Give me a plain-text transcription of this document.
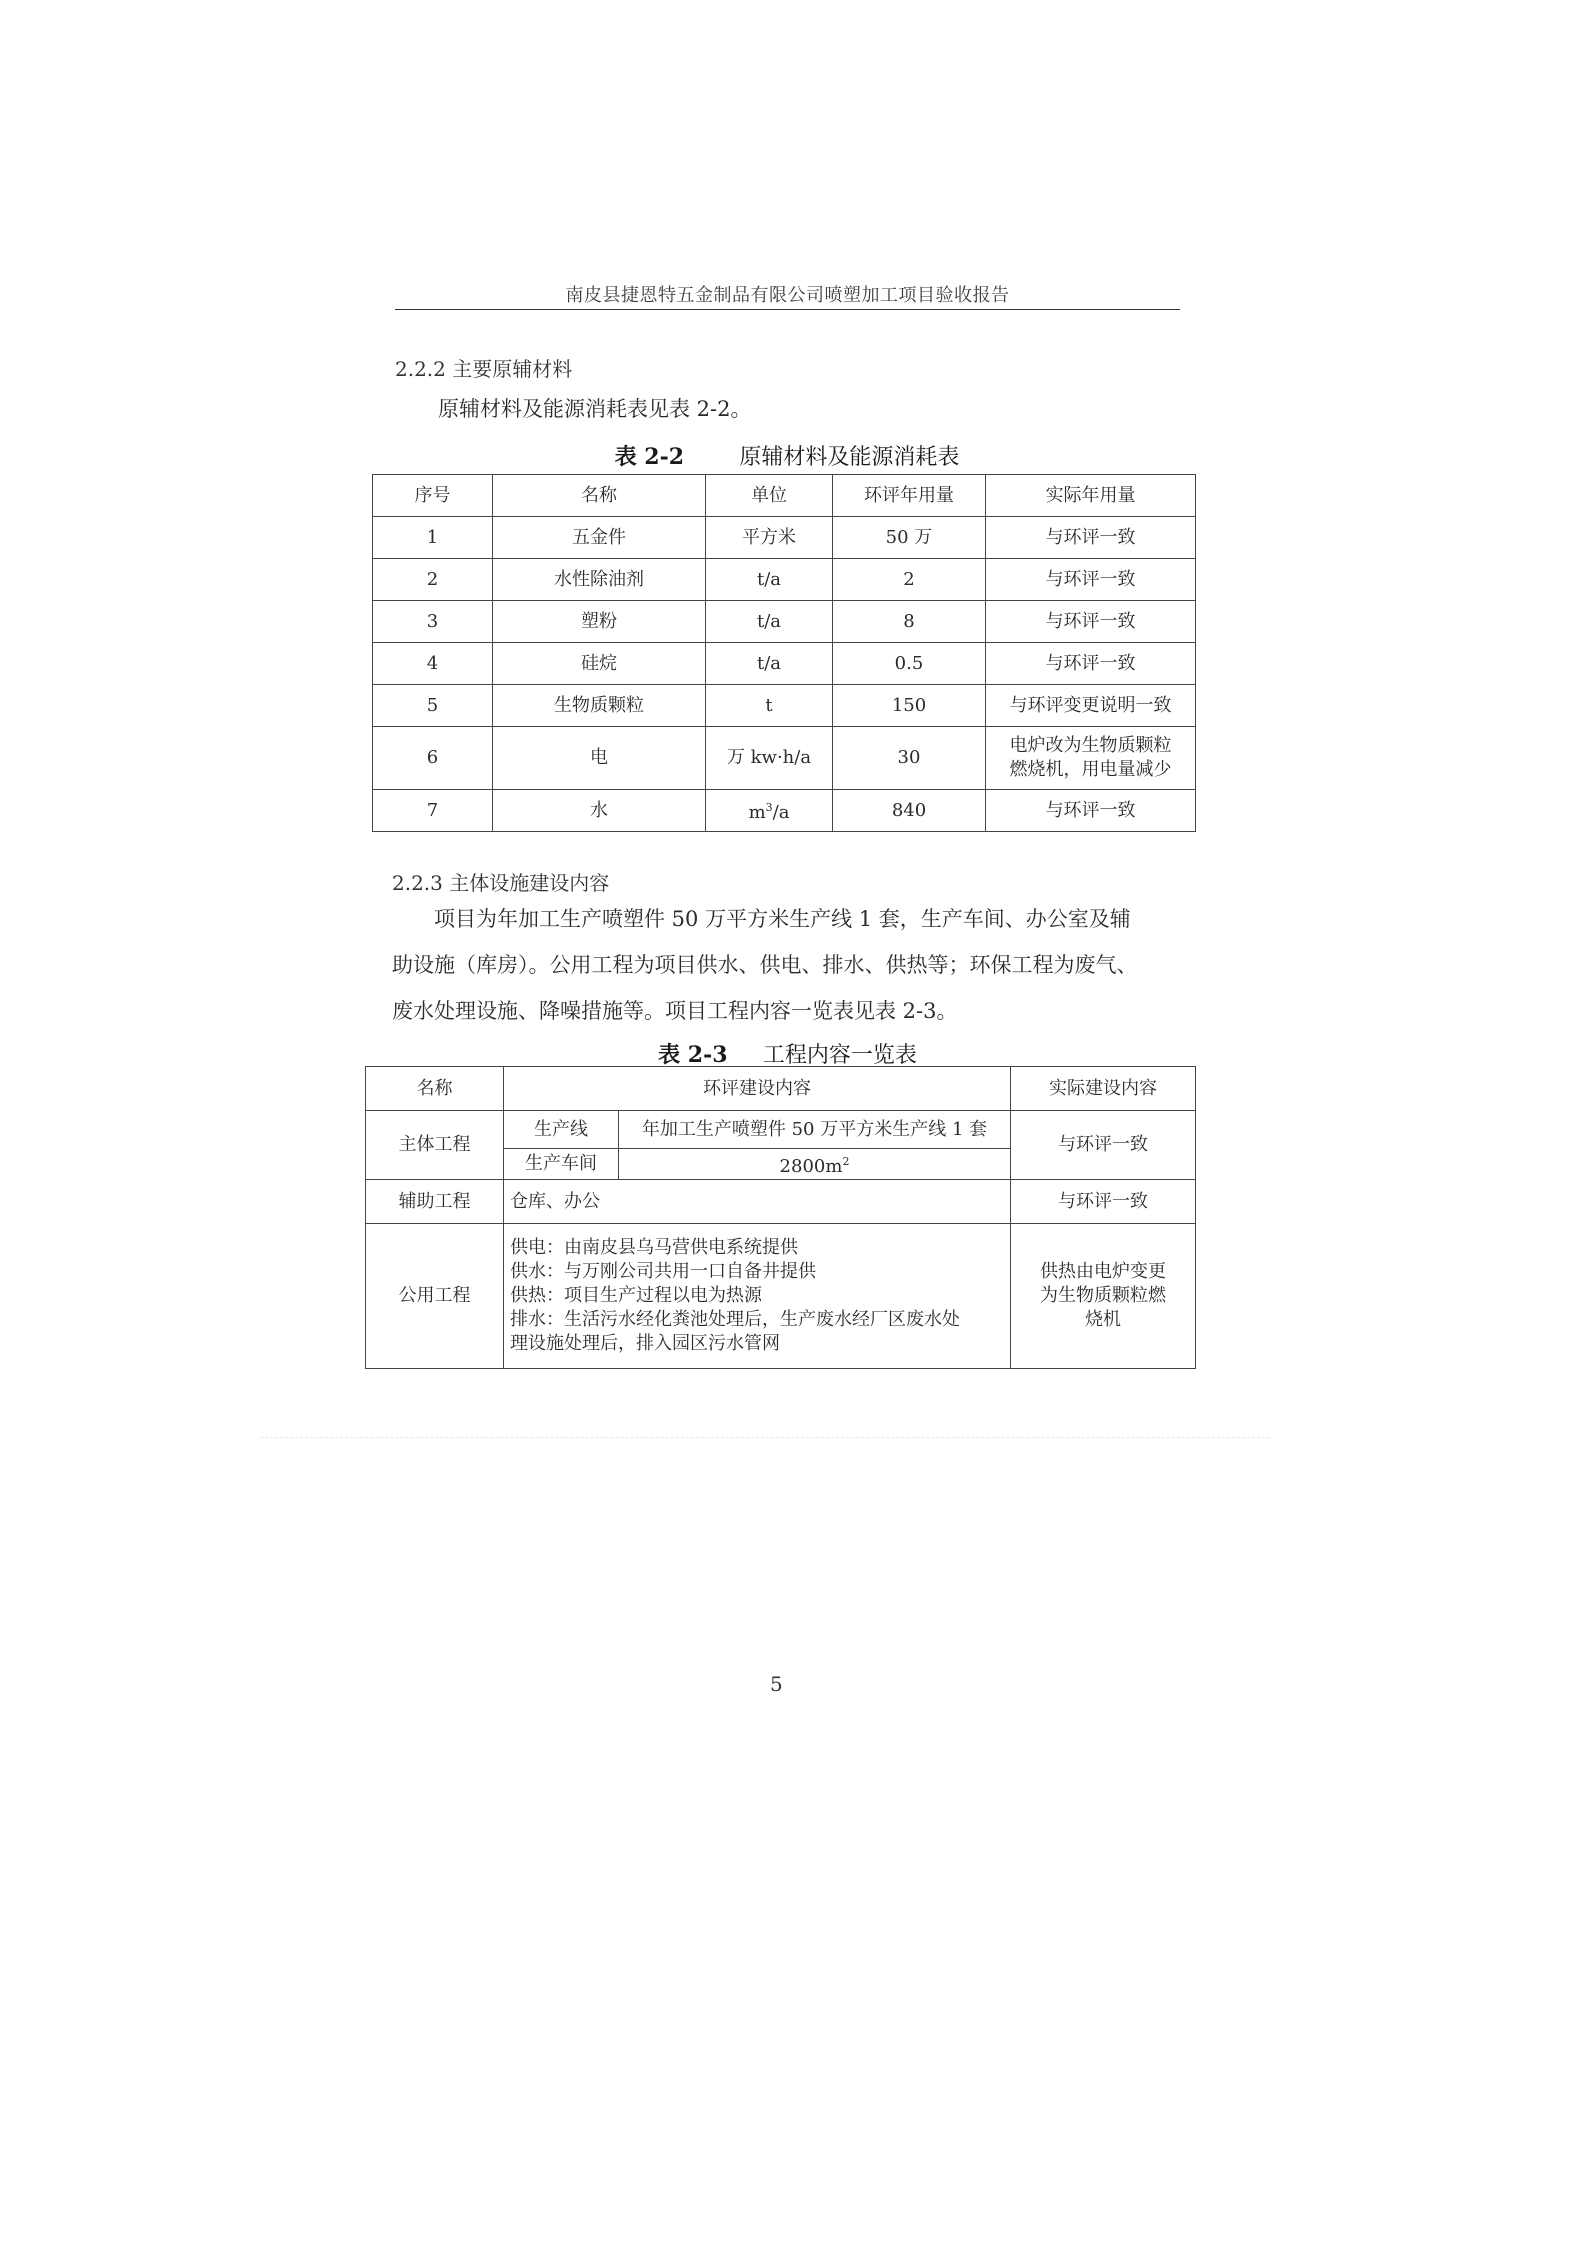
南皮县捷恩特五金制品有限公司喷塑加工项目验收报告
2.2.2 主要原辅材料
原辅材料及能源消耗表见表 2-2。
表 2-2	原辅材料及能源消耗表
序号	名称	单位	环评年用量	实际年用量
1	五金件	平方米	50 万	与环评一致
2	水性除油剂	t/a	2	与环评一致
3	塑粉	t/a	8	与环评一致
4	硅烷	t/a	0.5	与环评一致
5	生物质颗粒	t	150	与环评变更说明一致
6	电	万 kw·h/a	30	电炉改为生物质颗粒
燃烧机，用电量减少

7	水	$m^3/a$	840	与环评一致
2.2.3 主体设施建设内容
项目为年加工生产喷塑件 50 万平方米生产线 1 套，生产车间、办公室及辅
助设施（库房）。公用工程为项目供水、供电、排水、供热等；环保工程为废气、
废水处理设施、降噪措施等。项目工程内容一览表见表 2-3。
表 2-3 工程内容一览表
名称	环评建设内容		实际建设内容
主体工程	生产线	年加工生产喷塑件 50 万平方米生产线 1 套	与环评一致
	生产车间	$2800m^2$
辅助工程	仓库、办公		与环评一致
公用工程	供电：由南皮县乌马营供电系统提供
供水：与万刚公司共用一口自备井提供
供热：项目生产过程以电为热源
排水：生活污水经化粪池处理后，生产废水经厂区废水处
理设施处理后，排入园区污水管网		供热由电炉变更
为生物质颗粒燃
烧机
5
